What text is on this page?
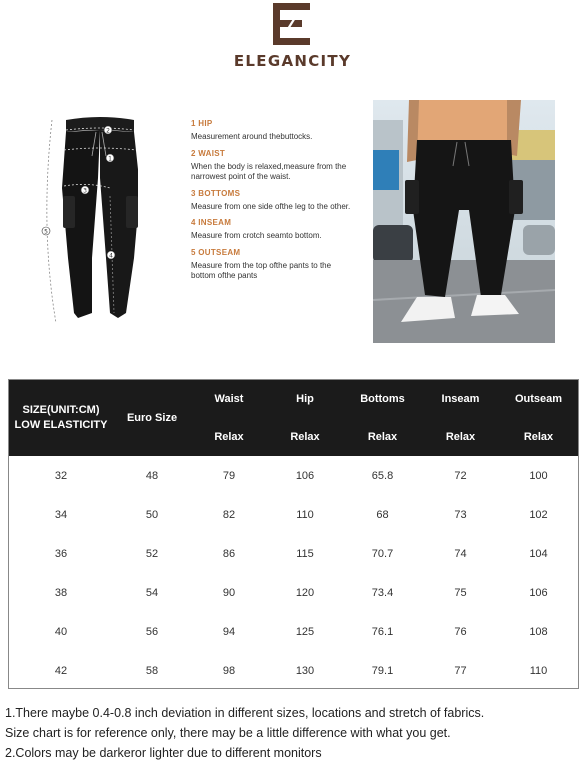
ELEGANCITY
2
1
3
4
5
1 HIP
Measurement around thebuttocks.
2 WAIST
When the body is relaxed,measure from the narrowest point of the waist.
3 BOTTOMS
Measure from one side ofthe leg to the other.
4 INSEAM
Measure from crotch seamto bottom.
5 OUTSEAM
Measure from the top ofthe pants to the bottom ofthe pants
SIZE(UNIT:CM)
LOW ELASTICITY	Euro Size	Waist	Hip	Bottoms	Inseam	Outseam
		Relax	Relax	Relax	Relax	Relax
32	48	79	106	65.8	72	100
34	50	82	110	68	73	102
36	52	86	115	70.7	74	104
38	54	90	120	73.4	75	106
40	56	94	125	76.1	76	108
42	58	98	130	79.1	77	110
1.There maybe 0.4-0.8 inch deviation in different sizes, locations and stretch of fabrics.
Size chart is for reference only, there may be a little difference with what you get.
2.Colors may be darkeror lighter due to different monitors
